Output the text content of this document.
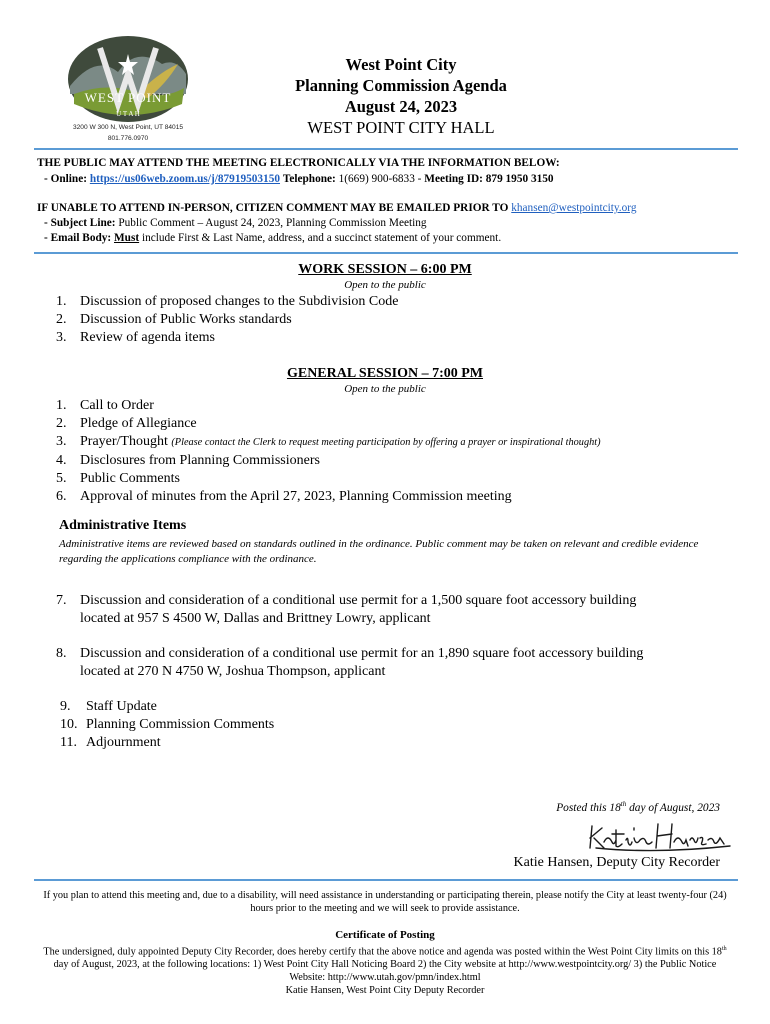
WEST POINT
U T A H
3200 W 300 N, West Point, UT 84015
801.776.0970
West Point City
Planning Commission Agenda
August 24, 2023
WEST POINT CITY HALL
THE PUBLIC MAY ATTEND THE MEETING ELECTRONICALLY VIA THE INFORMATION BELOW:
- Online: https://us06web.zoom.us/j/87919503150 Telephone: 1(669) 900-6833 - Meeting ID: 879 1950 3150
IF UNABLE TO ATTEND IN-PERSON, CITIZEN COMMENT MAY BE EMAILED PRIOR TO khansen@westpointcity.org
- Subject Line: Public Comment – August 24, 2023, Planning Commission Meeting
- Email Body: Must include First & Last Name, address, and a succinct statement of your comment.
WORK SESSION – 6:00 PM
Open to the public
1. Discussion of proposed changes to the Subdivision Code
2. Discussion of Public Works standards
3. Review of agenda items
GENERAL SESSION – 7:00 PM
Open to the public
1. Call to Order
2. Pledge of Allegiance
3. Prayer/Thought (Please contact the Clerk to request meeting participation by offering a prayer or inspirational thought)
4. Disclosures from Planning Commissioners
5. Public Comments
6. Approval of minutes from the April 27, 2023, Planning Commission meeting
Administrative Items
Administrative items are reviewed based on standards outlined in the ordinance. Public comment may be taken on relevant and credible evidence regarding the applications compliance with the ordinance.
7. Discussion and consideration of a conditional use permit for a 1,500 square foot accessory building
located at 957 S 4500 W, Dallas and Brittney Lowry, applicant
8. Discussion and consideration of a conditional use permit for an 1,890 square foot accessory building
located at 270 N 4750 W, Joshua Thompson, applicant
9. Staff Update
10. Planning Commission Comments
11. Adjournment
Posted this 18th day of August, 2023
Katie Hansen
Katie Hansen, Deputy City Recorder
If you plan to attend this meeting and, due to a disability, will need assistance in understanding or participating therein, please notify the City at least twenty-four (24) hours prior to the meeting and we will seek to provide assistance.
Certificate of Posting
The undersigned, duly appointed Deputy City Recorder, does hereby certify that the above notice and agenda was posted within the West Point City limits on this 18th day of August, 2023, at the following locations: 1) West Point City Hall Noticing Board 2) the City website at http://www.westpointcity.org/ 3) the Public Notice Website: http://www.utah.gov/pmn/index.html
Katie Hansen, West Point City Deputy Recorder
